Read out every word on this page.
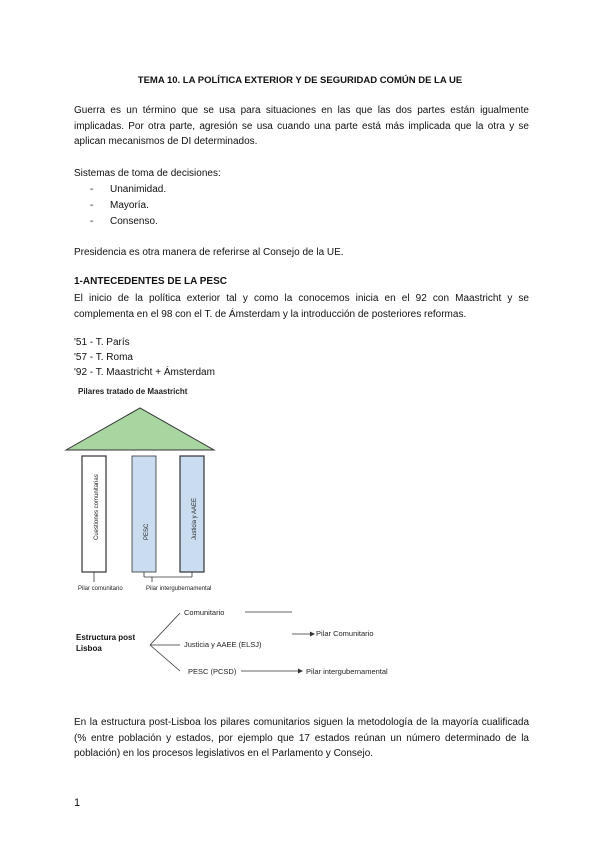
TEMA 10. LA POLÍTICA EXTERIOR Y DE SEGURIDAD COMÚN DE LA UE
Guerra es un término que se usa para situaciones en las que las dos partes están igualmente implicadas. Por otra parte, agresión se usa cuando una parte está más implicada que la otra y se aplican mecanismos de DI determinados.
Sistemas de toma de decisiones:
- Unanimidad.
- Mayoría.
- Consenso.
Presidencia es otra manera de referirse al Consejo de la UE.
1-ANTECEDENTES DE LA PESC
El inicio de la política exterior tal y como la conocemos inicia en el 92 con Maastricht y se complementa en el 98 con el T. de Ámsterdam y la introducción de posteriores reformas.
'51 - T. París
'57 - T. Roma
'92 - T. Maastricht + Ámsterdam
Pilares tratado de Maastricht
Cuestiones comunitarias	PESC	Justicia y AAEE
Pilar comunitario	Pilar intergubernamental
Estructura post
Lisboa
Comunitario
Justicia y AAEE (ELSJ)
PESC (PCSD)
Pilar Comunitario
Pilar intergubernamental
En la estructura post-Lisboa los pilares comunitarios siguen la metodología de la mayoría cualificada (% entre población y estados, por ejemplo que 17 estados reúnan un número determinado de la población) en los procesos legislativos en el Parlamento y Consejo.
1
